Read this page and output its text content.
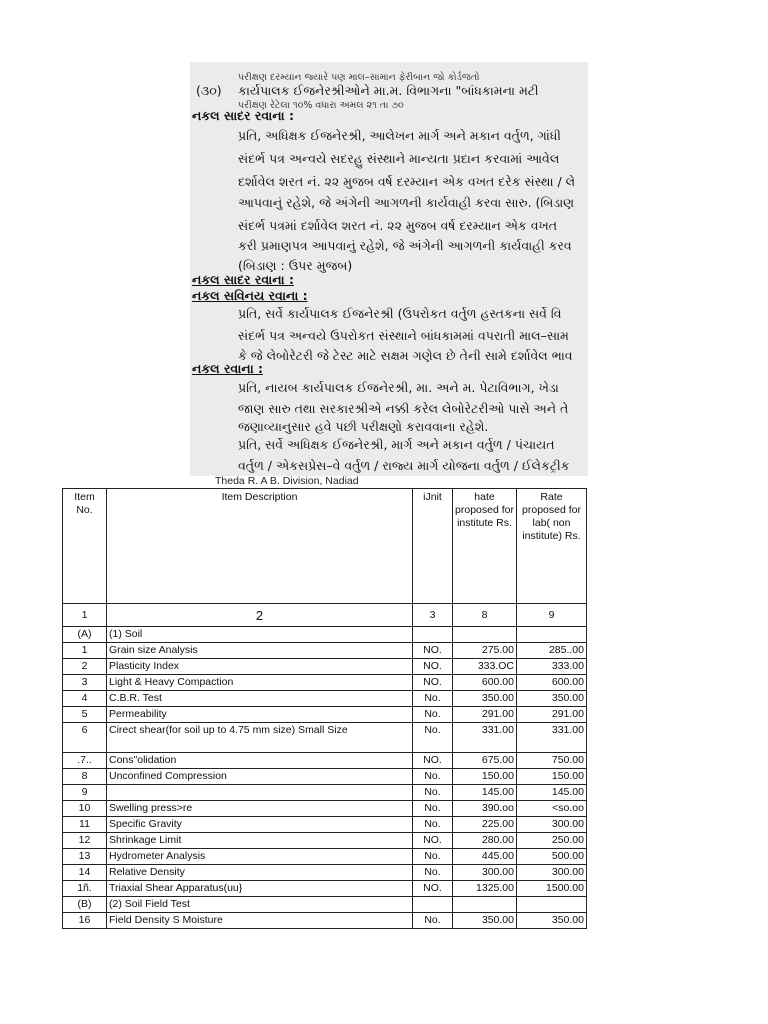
પરીક્ષણ દરમ્યાન જ્યારે પણ માલ–સામાન ફેરીબાન જો કોર્ડજતો
(૩૦) કાર્યપાલક ઈજનેરશ્રીઓને મા.મ. વિભાગના "બાંધકામના મટી
પરીક્ષણ રેટેલા ૧૦% વધારા અમલ ૨૧ તા ૭૦
નકલ સાદર રવાના :
પ્રતિ, અધિક્ષક ઈજનેરશ્રી, આલેખન માર્ગ અને મકાન વર્તુળ, ગાંધી
સંદર્ભ પત્ર અન્વયે સદરહુ સંસ્થાને માન્યતા પ્રદાન કરવામાં આવેલ
દર્શાવેલ શરત નં. ૨૨ મુજબ વર્ષ દરમ્યાન એક વખત દરેક સંસ્થા / લે
આપવાનું રહેશે, જે અંગેની આગળની કાર્યવાહી કરવા સારુ. (બિડાણ
સંદર્ભ પત્રમાં દર્શાવેલ શરત નં. ૨૨ મુજબ વર્ષ દરમ્યાન એક વખત
કરી પ્રમાણપત્ર આપવાનું રહેશે, જે અંગેની આગળની કાર્યવાહી કરવ
(બિડાણ : ઉપર મુજબ)
નકલ સાદર રવાના :
નકલ સવિનય રવાના :
પ્રતિ, સર્વે કાર્યપાલક ઈજનેરશ્રી (ઉપરોકત વર્તુળ હસ્તકના સર્વે વિ
સંદર્ભ પત્ર અન્વયે ઉપરોકત સંસ્થાને બાંધકામમાં વપરાતી માલ–સામ
કે જે લેબોરેટરી જે ટેસ્ટ માટે સક્ષમ ગણેલ છે તેની સામે દર્શાવેલ ભાવ
નકલ રવાના :
પ્રતિ, નાયબ કાર્યપાલક ઈજનેરશ્રી, મા. અને મ. પેટાવિભાગ, ખેડા
જાણ સારુ તથા સરકારશ્રીએ નક્કી કરેલ લેબોરેટરીઓ પાસે અને તે
જણાવ્યાનુસાર હવે પછી પરીક્ષણો કરાવવાના રહેશે.
પ્રતિ, સર્વે અધિક્ષક ઈજનેરશ્રી, માર્ગ અને મકાન વર્તુળ / પંચાયત
વર્તુળ / એકસપ્રેસ–વે વર્તુળ / રાજ્ય માર્ગ યોજના વર્તુળ / ઈલેકટ્રીક
Theda R. A B. Division, Nadiad
Item No.	Item Description	iJnit	hate proposed for institute Rs.	Rate proposed for lab( non institute) Rs.
1	2	3	8	9
(A)	(1) Soil			
1	Grain size Analysis	NO.	275.00	285..00
2	Plasticity Index	NO.	333.OC	333.00
3	Light & Heavy Compaction	NO.	600.00	600.00
4	C.B.R. Test	No.	350.00	350.00
5	Permeability	No.	291.00	291.00
6	Cirect shear(for soil up to 4.75 mm size) Small Size	No.	331.00	331.00
.7..	Cons"olidation	NO.	675.00	750.00
8	Unconfined Compression	No.	150.00	150.00
9		No.	145.00	145.00
10	Swelling press>re	No.	390.oo	<so.oo
11	Specific Gravity	No.	225.00	300.00
12	Shrinkage Limit	NO.	280.00	250.00
13	Hydrometer Analysis	No.	445.00	500.00
14	Relative Density	No.	300.00	300.00
1ñ.	Triaxial Shear Apparatus(uu}	NO.	1325.00	1500.00
(B)	(2) Soil Field Test			
16	Field Density S Moisture	No.	350.00	350.00
